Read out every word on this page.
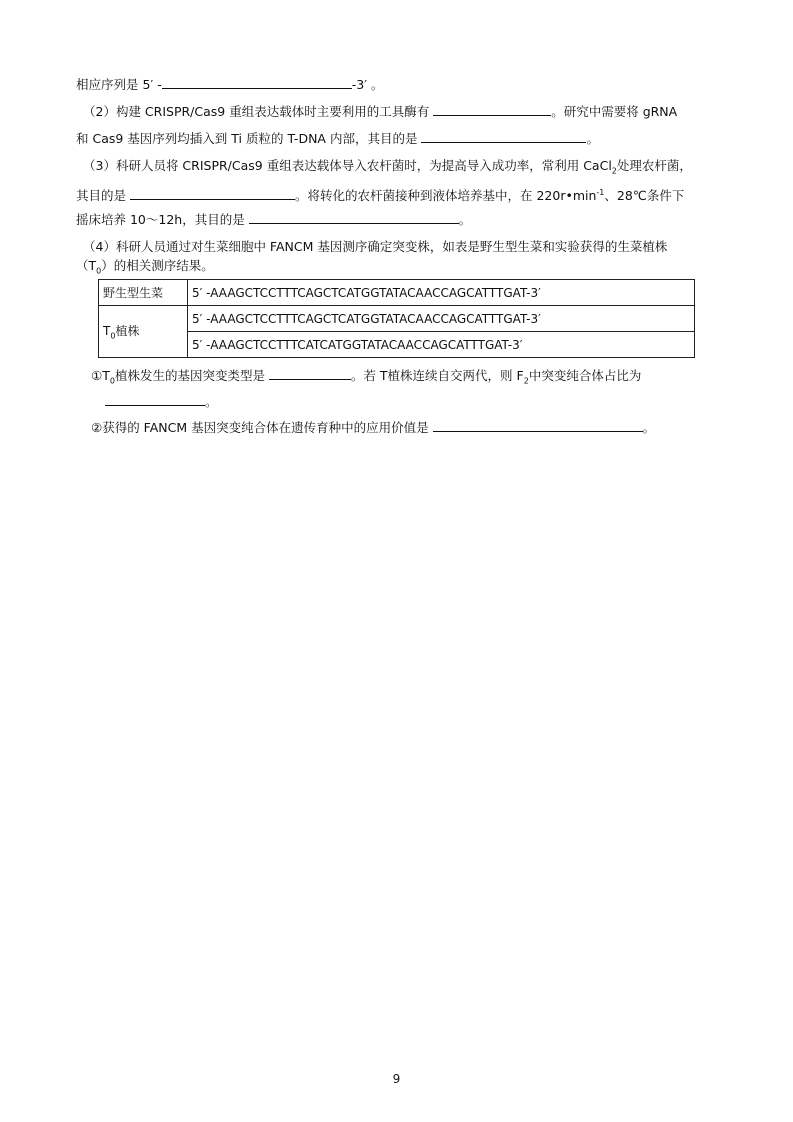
相应序列是 5′ -	-3′ 。
（2）构建 CRISPR/Cas9 重组表达载体时主要利用的工具酶有	。研究中需要将 gRNA
和 Cas9 基因序列均插入到 Ti 质粒的 T-DNA 内部，其目的是	。
（3）科研人员将 CRISPR/Cas9 重组表达载体导入农杆菌时，为提高导入成功率，常利用 CaCl$_2$处理农杆菌，
其目的是	。将转化的农杆菌接种到液体培养基中，在 $220r•\min^{-1}$、28℃条件下
摇床培养 10～12h，其目的是	。
（4）科研人员通过对生菜细胞中 FANCM 基因测序确定突变株，如表是野生型生菜和实验获得的生菜植株
$(T_0)$的相关测序结果。
野生型生菜	5′ -AAAGCTCCTTTCAGCTCATGGTATACAACCAGCATTTGAT-3′
$T_0$植株	5′ -AAAGCTCCTTTCAGCTCATGGTATACAACCAGCATTTGAT-3′
	5′ -AAAGCTCCTTTCATCATGGTATACAACCAGCATTTGAT-3′
$①T_0$植株发生的基因突变类型是	。若 T植株连续自交两代，则 $F_2$中突变纯合体占比为
。
②获得的 FANCM 基因突变纯合体在遗传育种中的应用价值是	。
9
